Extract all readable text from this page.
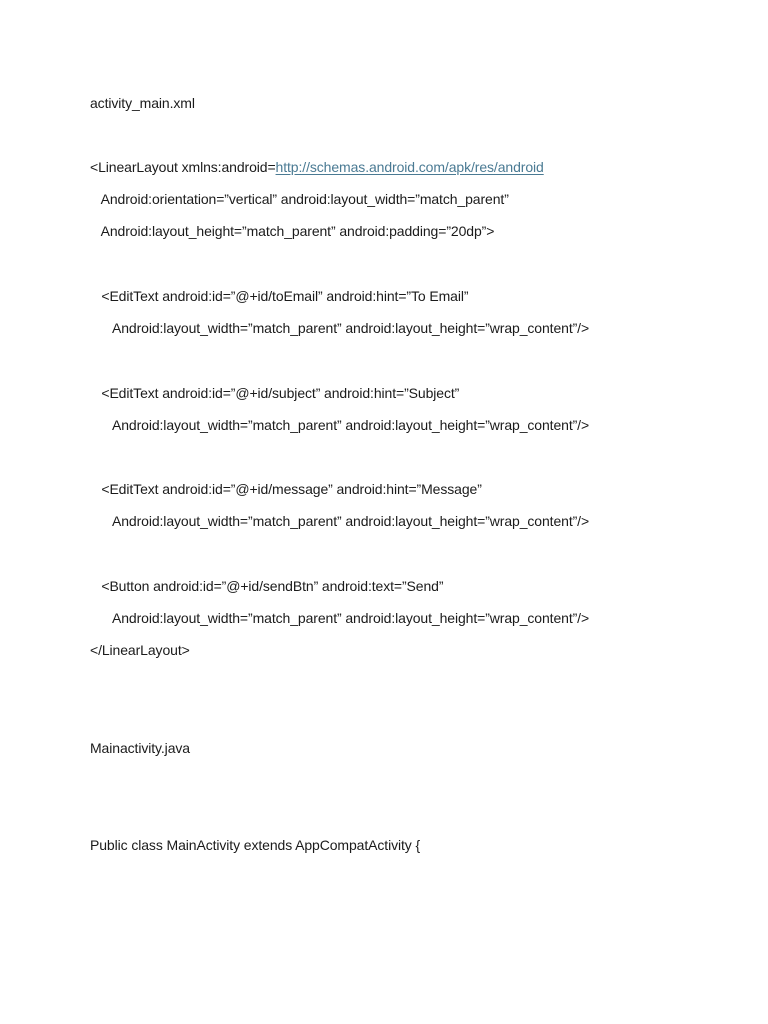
activity_main.xml
<LinearLayout xmlns:android=http://schemas.android.com/apk/res/android
Android:orientation=”vertical” android:layout_width=”match_parent”
Android:layout_height=”match_parent” android:padding=”20dp”>
<EditText android:id=”@+id/toEmail” android:hint=”To Email”
Android:layout_width=”match_parent” android:layout_height=”wrap_content”/>
<EditText android:id=”@+id/subject” android:hint=”Subject”
Android:layout_width=”match_parent” android:layout_height=”wrap_content”/>
<EditText android:id=”@+id/message” android:hint=”Message”
Android:layout_width=”match_parent” android:layout_height=”wrap_content”/>
<Button android:id=”@+id/sendBtn” android:text=”Send”
Android:layout_width=”match_parent” android:layout_height=”wrap_content”/>
</LinearLayout>
Mainactivity.java
Public class MainActivity extends AppCompatActivity {
